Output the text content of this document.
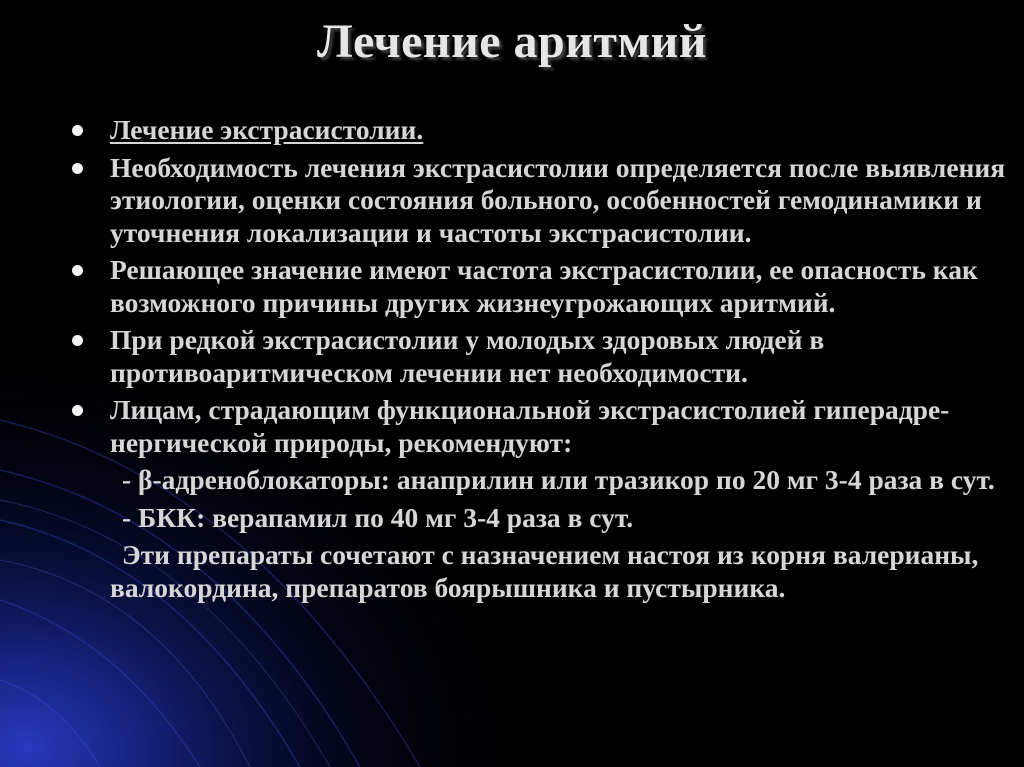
Лечение аритмий
Лечение экстрасистолии.
Необходимость лечения экстрасистолии определяется после выявления этиологии, оценки состояния больного, особенностей гемодинамики и уточнения локализации и частоты экстрасистолии.
Решающее значение имеют частота экстрасистолии, ее опасность как возможного причины других жизнеугрожающих аритмий.
При редкой экстрасистолии у молодых здоровых людей в противоаритмическом лечении нет необходимости.
Лицам, страдающим функциональной экстрасистолией гиперадре-нергической природы, рекомендуют:
- β-адреноблокаторы: анаприлин или тразикор по 20 мг 3-4 раза в сут.
- БКК: верапамил по 40 мг 3-4 раза в сут.
Эти препараты сочетают с назначением настоя из корня валерианы, валокордина, препаратов боярышника и пустырника.
